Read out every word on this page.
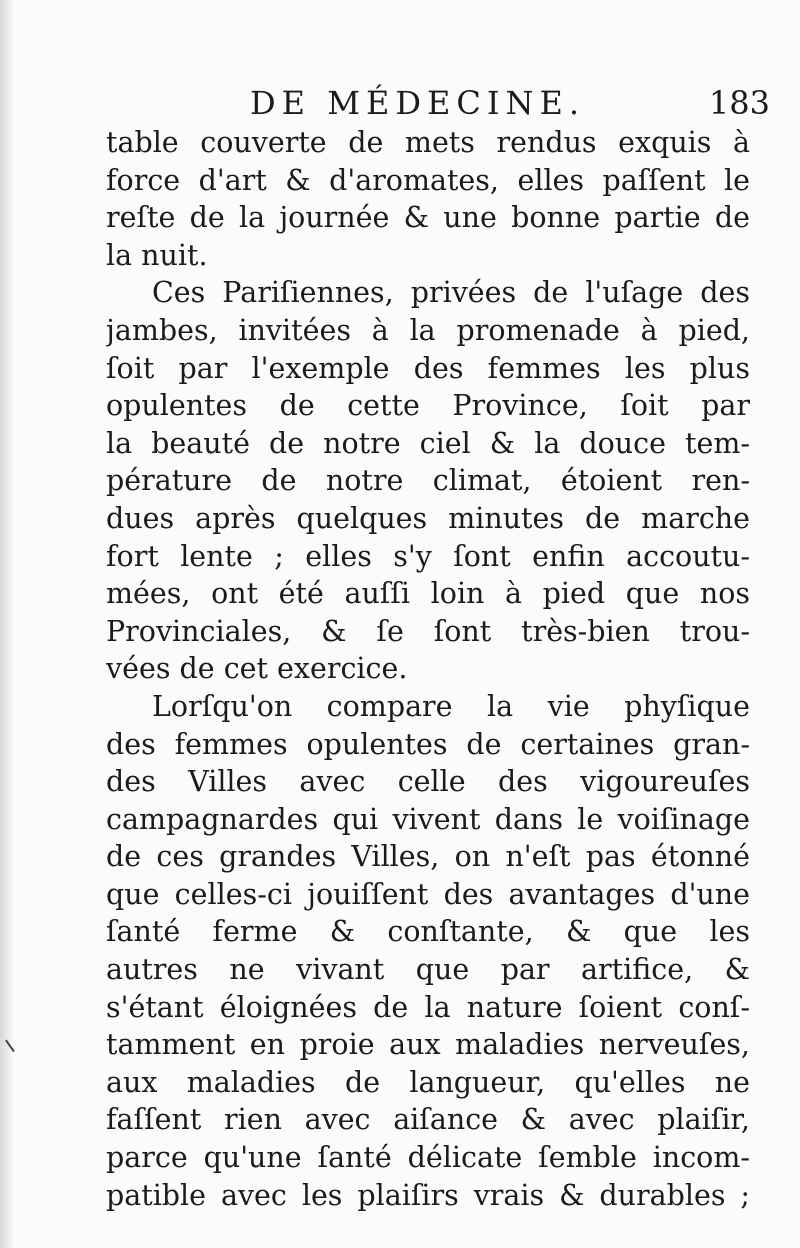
DE MÉDECINE.	183
table couverte de mets rendus exquis à
force d'art & d'aromates, elles paſſent le
reſte de la journée & une bonne partie de
la nuit.
Ces Pariſiennes, privées de l'uſage des
jambes, invitées à la promenade à pied,
ſoit par l'exemple des femmes les plus
opulentes de cette Province, ſoit par
la beauté de notre ciel & la douce tem-
pérature de notre climat, étoient ren-
dues après quelques minutes de marche
fort lente ; elles s'y ſont enfin accoutu-
mées, ont été auſſi loin à pied que nos
Provinciales, & ſe ſont très-bien trou-
vées de cet exercice.
Lorſqu'on compare la vie phyſique
des femmes opulentes de certaines gran-
des Villes avec celle des vigoureuſes
campagnardes qui vivent dans le voiſinage
de ces grandes Villes, on n'eſt pas étonné
que celles-ci jouiſſent des avantages d'une
ſanté ferme & conſtante, & que les
autres ne vivant que par artifice, &
s'étant éloignées de la nature ſoient conſ-
tamment en proie aux maladies nerveuſes,
aux maladies de langueur, qu'elles ne
faſſent rien avec aiſance & avec plaiſir,
parce qu'une ſanté délicate ſemble incom-
patible avec les plaiſirs vrais & durables ;
